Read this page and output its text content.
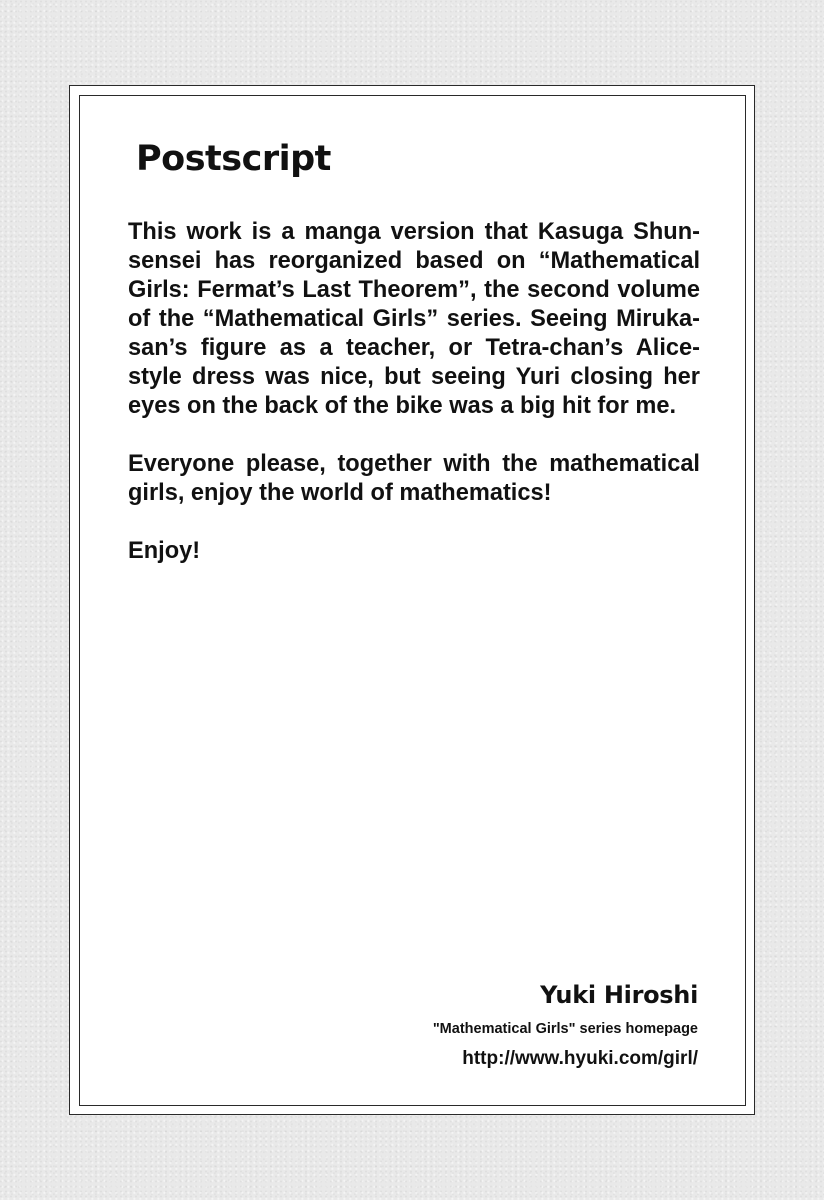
Postscript

This work is a manga version that Kasuga Shun-sensei has reorganized based on “Mathematical Girls: Fermat’s Last Theorem”, the second volume of the “Mathematical Girls” series. Seeing Miruka-san’s figure as a teacher, or Tetra-chan’s Alice-style dress was nice, but seeing Yuri closing her eyes on the back of the bike was a big hit for me.

Everyone please, together with the mathematical girls, enjoy the world of mathematics!

Enjoy!

Yuki Hiroshi
"Mathematical Girls" series homepage
http://www.hyuki.com/girl/
